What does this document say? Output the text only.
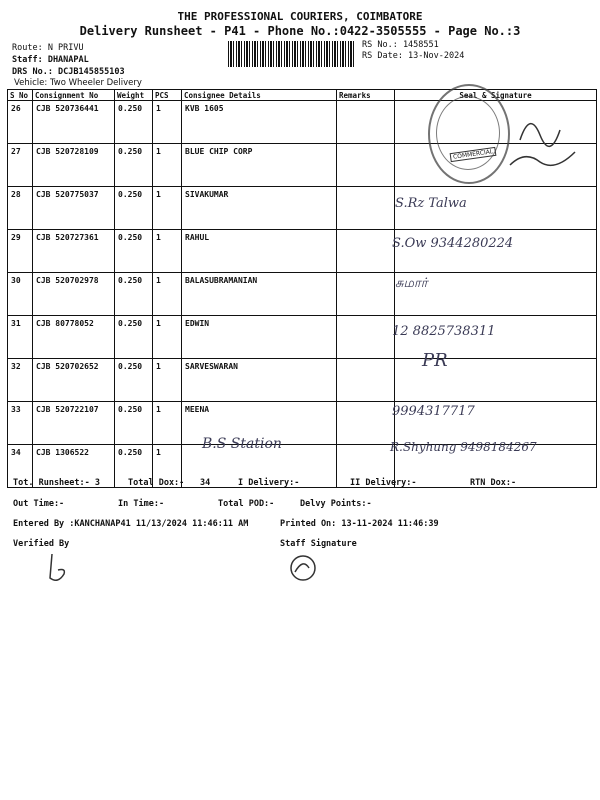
THE PROFESSIONAL COURIERS, COIMBATORE
Delivery Runsheet - P41 - Phone No.:0422-3505555 - Page No.:3
Route: N PRIVU
Staff: DHANAPAL
DRS No.: DCJB145855103
Vehicle: Two Wheeler Delivery
RS No.: 1458551
RS Date: 13-Nov-2024
S No	Consignment No	Weight	PCS	Consignee Details	Remarks	Seal & Signature
26	CJB 520736441	0.250	1	KVB 1605		
27	CJB 520728109	0.250	1	BLUE CHIP CORP		
28	CJB 520775037	0.250	1	SIVAKUMAR		
29	CJB 520727361	0.250	1	RAHUL		
30	CJB 520702978	0.250	1	BALASUBRAMANIAN		
31	CJB 80778052	0.250	1	EDWIN		
32	CJB 520702652	0.250	1	SARVESWARAN		
33	CJB 520722107	0.250	1	MEENA		
34	CJB 1306522	0.250	1			
COMMERCIAL
S.Rz Talwa
S.Ow 9344280224
சுமார்
12 8825738311
PR
9994317717
B.S Station	R.Shyhung 9498184267
Tot. Runsheet:- 3	Total Dox:- 34	I Delivery:-	II Delivery:-	RTN Dox:-
Out Time:-	In Time:-	Total POD:-	Delvy Points:-
Entered By :KANCHANAP41 11/13/2024 11:46:11 AM	Printed On: 13-11-2024 11:46:39
Verified By	Staff Signature
